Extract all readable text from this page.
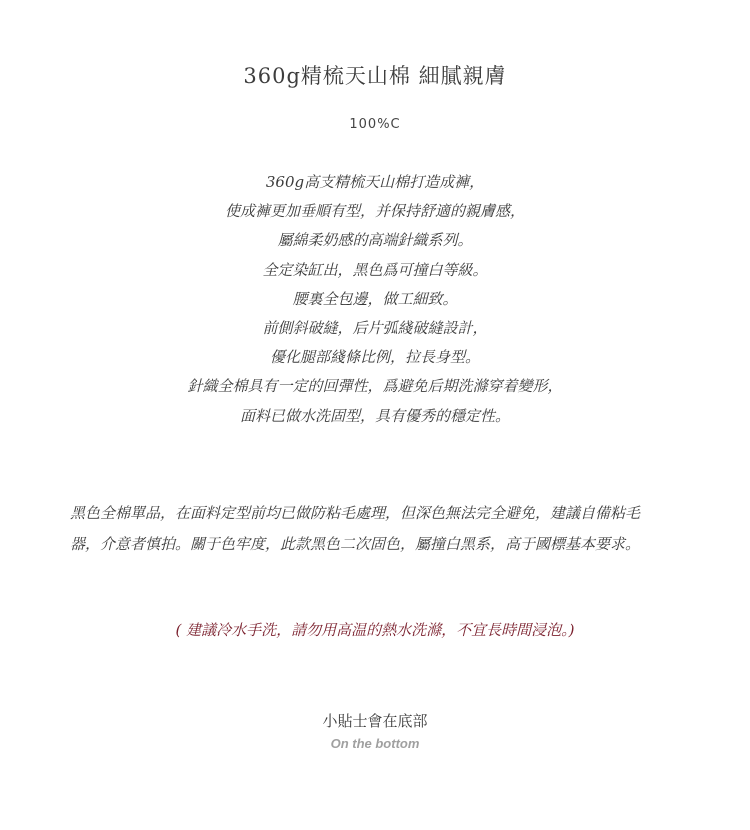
360g精梳天山棉 細膩親膚
100%C
360g高支精梳天山棉打造成褲，
使成褲更加垂順有型，并保持舒適的親膚感，
屬綿柔奶感的高端針織系列。
全定染缸出，黑色爲可撞白等級。
腰裏全包邊，做工細致。
前側斜破縫，后片弧綫破縫設計，
優化腿部綫條比例，拉長身型。
針織全棉具有一定的回彈性，爲避免后期洗滌穿着變形，
面料已做水洗固型，具有優秀的穩定性。
黑色全棉單品，在面料定型前均已做防粘毛處理，但深色無法完全避免，建議自備粘毛
器，介意者慎拍。關于色牢度，此款黑色二次固色，屬撞白黑系，高于國標基本要求。
( 建議冷水手洗，請勿用高温的熱水洗滌，不宜長時間浸泡。)
小貼士會在底部
On the bottom
